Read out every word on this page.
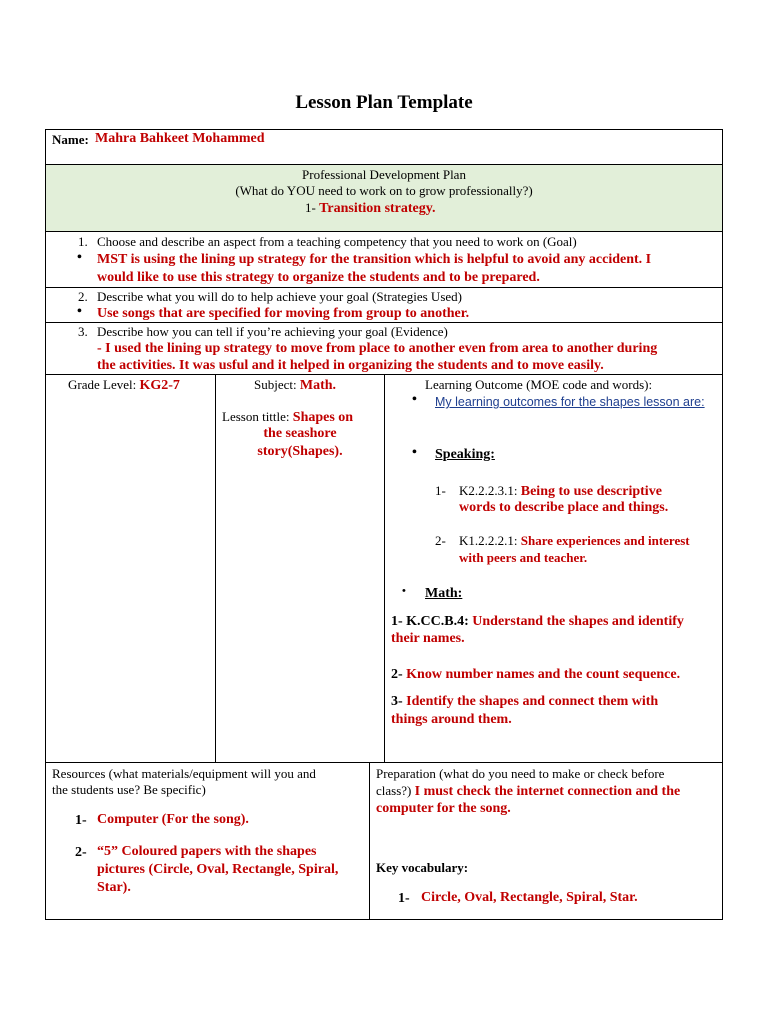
Lesson Plan Template
Name: Mahra Bahkeet Mohammed
Professional Development Plan
(What do YOU need to work on to grow professionally?)
1- Transition strategy.
1. Choose and describe an aspect from a teaching competency that you need to work on (Goal)
• MST is using the lining up strategy for the transition which is helpful to avoid any accident. I
would like to use this strategy to organize the students and to be prepared.
2. Describe what you will do to help achieve your goal (Strategies Used)
• Use songs that are specified for moving from group to another.
3. Describe how you can tell if you’re achieving your goal (Evidence)
- I used the lining up strategy to move from place to another even from area to another during
the activities. It was usful and it helped in organizing the students and to move easily.
Grade Level: KG2-7	Subject: Math.
Lesson tittle: Shapes on
the seashore
story(Shapes).
Learning Outcome (MOE code and words):
• My learning outcomes for the shapes lesson are:
• Speaking:
1- K2.2.2.3.1: Being to use descriptive
words to describe place and things.
2- K1.2.2.2.1: Share experiences and interest
with peers and teacher.
• Math:
1- K.CC.B.4: Understand the shapes and identify
their names.
2- Know number names and the count sequence.
3- Identify the shapes and connect them with
things around them.
Resources (what materials/equipment will you and
the students use? Be specific)
1- Computer (For the song).
2- “5” Coloured papers with the shapes
pictures (Circle, Oval, Rectangle, Spiral,
Star).
Preparation (what do you need to make or check before
class?) I must check the internet connection and the
computer for the song.
Key vocabulary:
1- Circle, Oval, Rectangle, Spiral, Star.
